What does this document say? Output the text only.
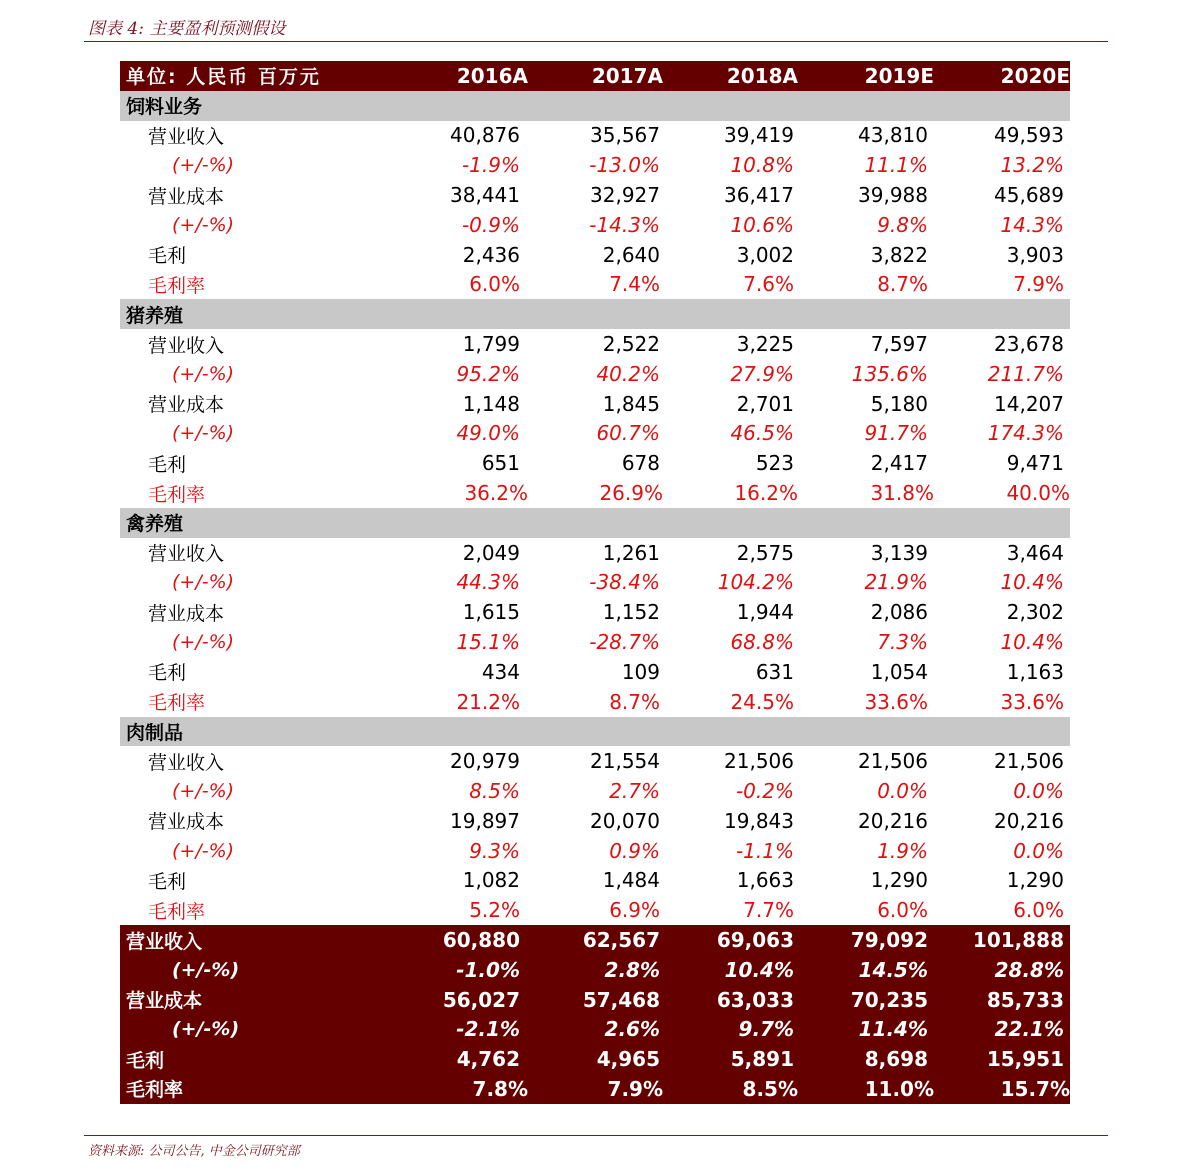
图表 4: 主要盈利预测假设
单位: 人民币 百万元	2016A	2017A	2018A	2019E	2020E
饲料业务
营业收入	40,876	35,567	39,419	43,810	49,593
(+/-%)	-1.9%	-13.0%	10.8%	11.1%	13.2%
营业成本	38,441	32,927	36,417	39,988	45,689
(+/-%)	-0.9%	-14.3%	10.6%	9.8%	14.3%
毛利	2,436	2,640	3,002	3,822	3,903
毛利率	6.0%	7.4%	7.6%	8.7%	7.9%
猪养殖
营业收入	1,799	2,522	3,225	7,597	23,678
(+/-%)	95.2%	40.2%	27.9%	135.6%	211.7%
营业成本	1,148	1,845	2,701	5,180	14,207
(+/-%)	49.0%	60.7%	46.5%	91.7%	174.3%
毛利	651	678	523	2,417	9,471
毛利率	36.2%	26.9%	16.2%	31.8%	40.0%
禽养殖
营业收入	2,049	1,261	2,575	3,139	3,464
(+/-%)	44.3%	-38.4%	104.2%	21.9%	10.4%
营业成本	1,615	1,152	1,944	2,086	2,302
(+/-%)	15.1%	-28.7%	68.8%	7.3%	10.4%
毛利	434	109	631	1,054	1,163
毛利率	21.2%	8.7%	24.5%	33.6%	33.6%
肉制品
营业收入	20,979	21,554	21,506	21,506	21,506
(+/-%)	8.5%	2.7%	-0.2%	0.0%	0.0%
营业成本	19,897	20,070	19,843	20,216	20,216
(+/-%)	9.3%	0.9%	-1.1%	1.9%	0.0%
毛利	1,082	1,484	1,663	1,290	1,290
毛利率	5.2%	6.9%	7.7%	6.0%	6.0%
营业收入	60,880	62,567	69,063	79,092 101,888
(+/-%)	-1.0%	2.8%	10.4%	14.5%	28.8%
营业成本	56,027	57,468	63,033	70,235	85,733
(+/-%)	-2.1%	2.6%	9.7%	11.4%	22.1%
毛利	4,762	4,965	5,891	8,698	15,951
毛利率	7.8%	7.9%	8.5%	11.0%	15.7%
资料来源: 公司公告, 中金公司研究部
